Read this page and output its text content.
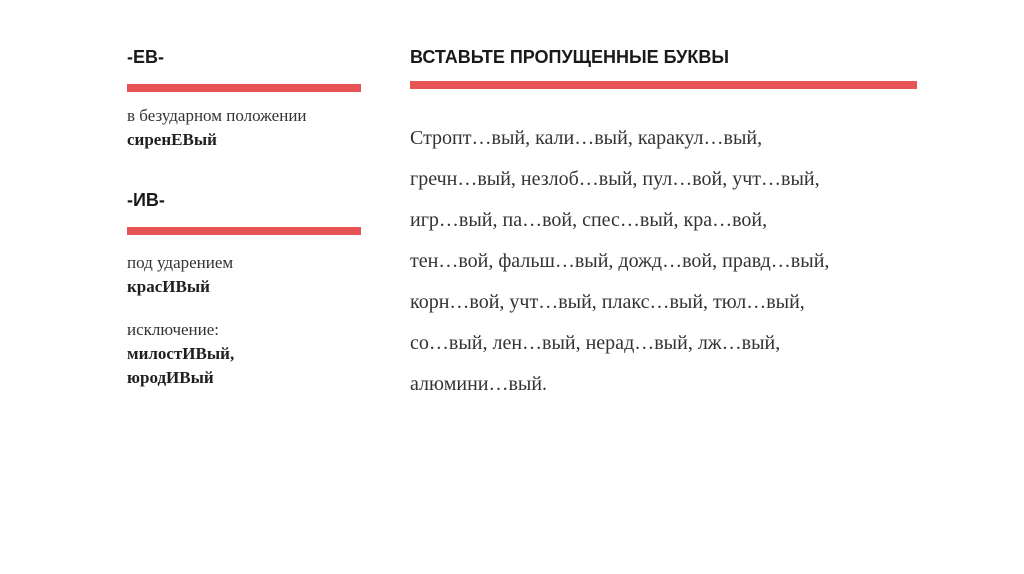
-ЕВ-
в безударном положении
сиренЕВый
-ИВ-
под ударением
красИВый
исключение:
милостИВый,
юродИВый
ВСТАВЬТЕ ПРОПУЩЕННЫЕ БУКВЫ
Стропт…вый, кали…вый, каракул…вый,
гречн…вый, незлоб…вый, пул…вой, учт…вый,
игр…вый, па…вой, спес…вый, кра…вой,
тен…вой, фальш…вый, дожд…вой, правд…вый,
корн…вой, учт…вый, плакс…вый, тюл…вый,
со…вый, лен…вый, нерад…вый, лж…вый,
алюмини…вый.
